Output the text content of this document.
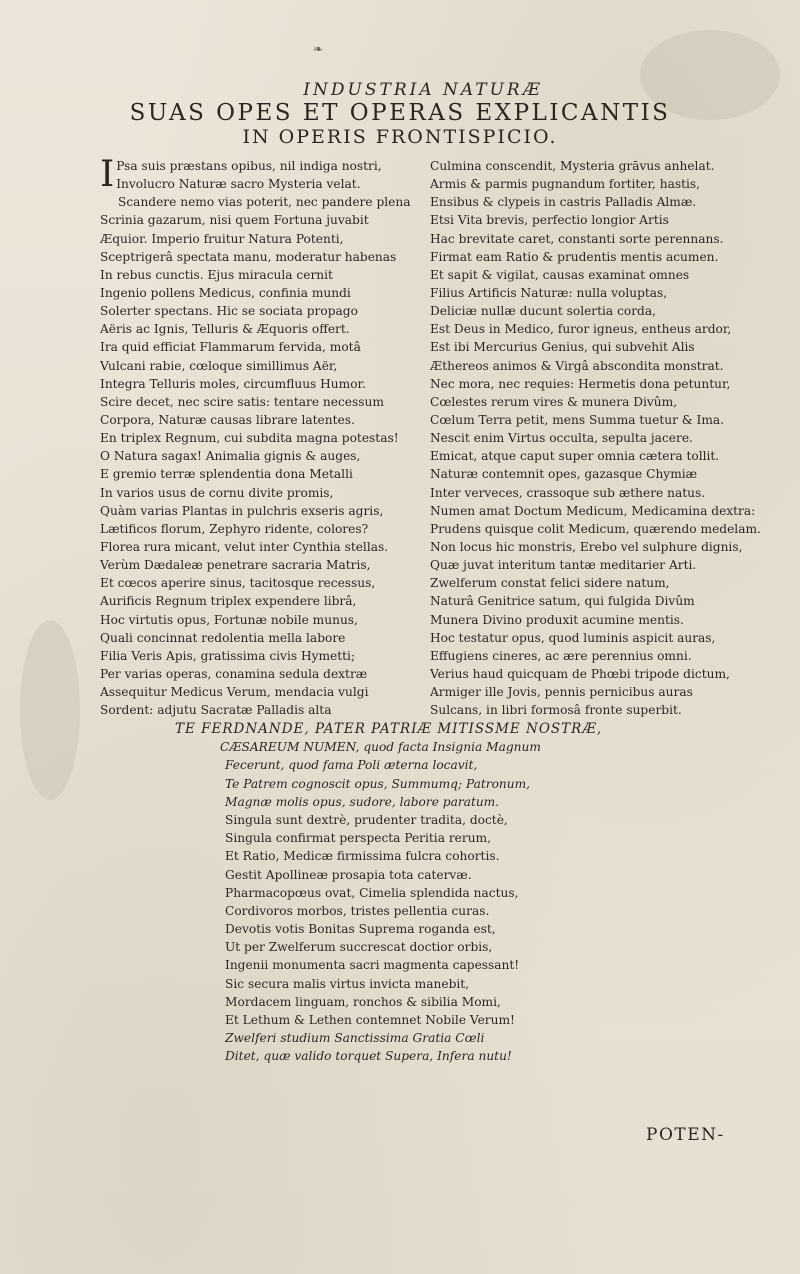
❧
INDUSTRIA NATURÆ
SUAS OPES ET OPERAS EXPLICANTIS
IN OPERIS FRONTISPICIO.
I Psa suis præstans opibus, nil indiga nostri,
Involucro Naturæ sacro Mysteria velat.
Scandere nemo vias poterit, nec pandere plena
Scrinia gazarum, nisi quem Fortuna juvabit
Æquior. Imperio fruitur Natura Potenti,
Sceptrigerâ spectata manu, moderatur habenas
In rebus cunctis. Ejus miracula cernit
Ingenio pollens Medicus, confinia mundi
Solerter spectans. Hic se sociata propago
Aëris ac Ignis, Telluris & Æquoris offert.
Ira quid efficiat Flammarum fervida, motâ
Vulcani rabie, cœloque simillimus Aër,
Integra Telluris moles, circumfluus Humor.
Scire decet, nec scire satis: tentare necessum
Corpora, Naturæ causas librare latentes.
En triplex Regnum, cui subdita magna potestas!
O Natura sagax! Animalia gignis & auges,
E gremio terræ splendentia dona Metalli
In varios usus de cornu divite promis,
Quàm varias Plantas in pulchris exseris agris,
Lætificos florum, Zephyro ridente, colores?
Florea rura micant, velut inter Cynthia stellas.
Verùm Dædaleæ penetrare sacraria Matris,
Et cœcos aperire sinus, tacitosque recessus,
Aurificis Regnum triplex expendere librâ,
Hoc virtutis opus, Fortunæ nobile munus,
Quali concinnat redolentia mella labore
Filia Veris Apis, gratissima civis Hymetti;
Per varias operas, conamina sedula dextræ
Assequitur Medicus Verum, mendacia vulgi
Sordent: adjutu Sacratæ Palladis alta
Culmina conscendit, Mysteria grāvus anhelat.
Armis & parmis pugnandum fortiter, hastis,
Ensibus & clypeis in castris Palladis Almæ.
Etsi Vita brevis, perfectio longior Artis
Hac brevitate caret, constanti sorte perennans.
Firmat eam Ratio & prudentis mentis acumen.
Et sapit & vigilat, causas examinat omnes
Filius Artificis Naturæ: nulla voluptas,
Deliciæ nullæ ducunt solertia corda,
Est Deus in Medico, furor igneus, entheus ardor,
Est ibi Mercurius Genius, qui subvehit Alis
Æthereos animos & Virgâ abscondita monstrat.
Nec mora, nec requies: Hermetis dona petuntur,
Cœlestes rerum vires & munera Divûm,
Cœlum Terra petit, mens Summa tuetur & Ima.
Nescit enim Virtus occulta, sepulta jacere.
Emicat, atque caput super omnia cætera tollit.
Naturæ contemnit opes, gazasque Chymiæ
Inter verveces, crassoque sub æthere natus.
Numen amat Doctum Medicum, Medicamina dextra:
Prudens quisque colit Medicum, quærendo medelam.
Non locus hic monstris, Erebo vel sulphure dignis,
Quæ juvat interitum tantæ meditarier Arti.
Zwelferum constat felici sidere natum,
Naturâ Genitrice satum, qui fulgida Divûm
Munera Divino produxit acumine mentis.
Hoc testatur opus, quod luminis aspicit auras,
Effugiens cineres, ac ære perennius omni.
Verius haud quicquam de Phœbi tripode dictum,
Armiger ille Jovis, pennis pernicibus auras
Sulcans, in libri formosâ fronte superbit.
TE FERDNANDE, PATER PATRIÆ MITISSME NOSTRÆ,
CÆSAREUM NUMEN, quod facta Insignia Magnum
Fecerunt, quod fama Poli æterna locavit,
Te Patrem cognoscit opus, Summumq; Patronum,
Magnæ molis opus, sudore, labore paratum.
Singula sunt dextrè, prudenter tradita, doctè,
Singula confirmat perspecta Peritia rerum,
Et Ratio, Medicæ firmissima fulcra cohortis.
Gestit Apollineæ prosapia tota catervæ.
Pharmacopœus ovat, Cimelia splendida nactus,
Cordivoros morbos, tristes pellentia curas.
Devotis votis Bonitas Suprema roganda est,
Ut per Zwelferum succrescat doctior orbis,
Ingenii monumenta sacri magmenta capessant!
Sic secura malis virtus invicta manebit,
Mordacem linguam, ronchos & sibilia Momi,
Et Lethum & Lethen contemnet Nobile Verum!
Zwelferi studium Sanctissima Gratia Cœli
Ditet, quæ valido torquet Supera, Infera nutu!
POTEN-
